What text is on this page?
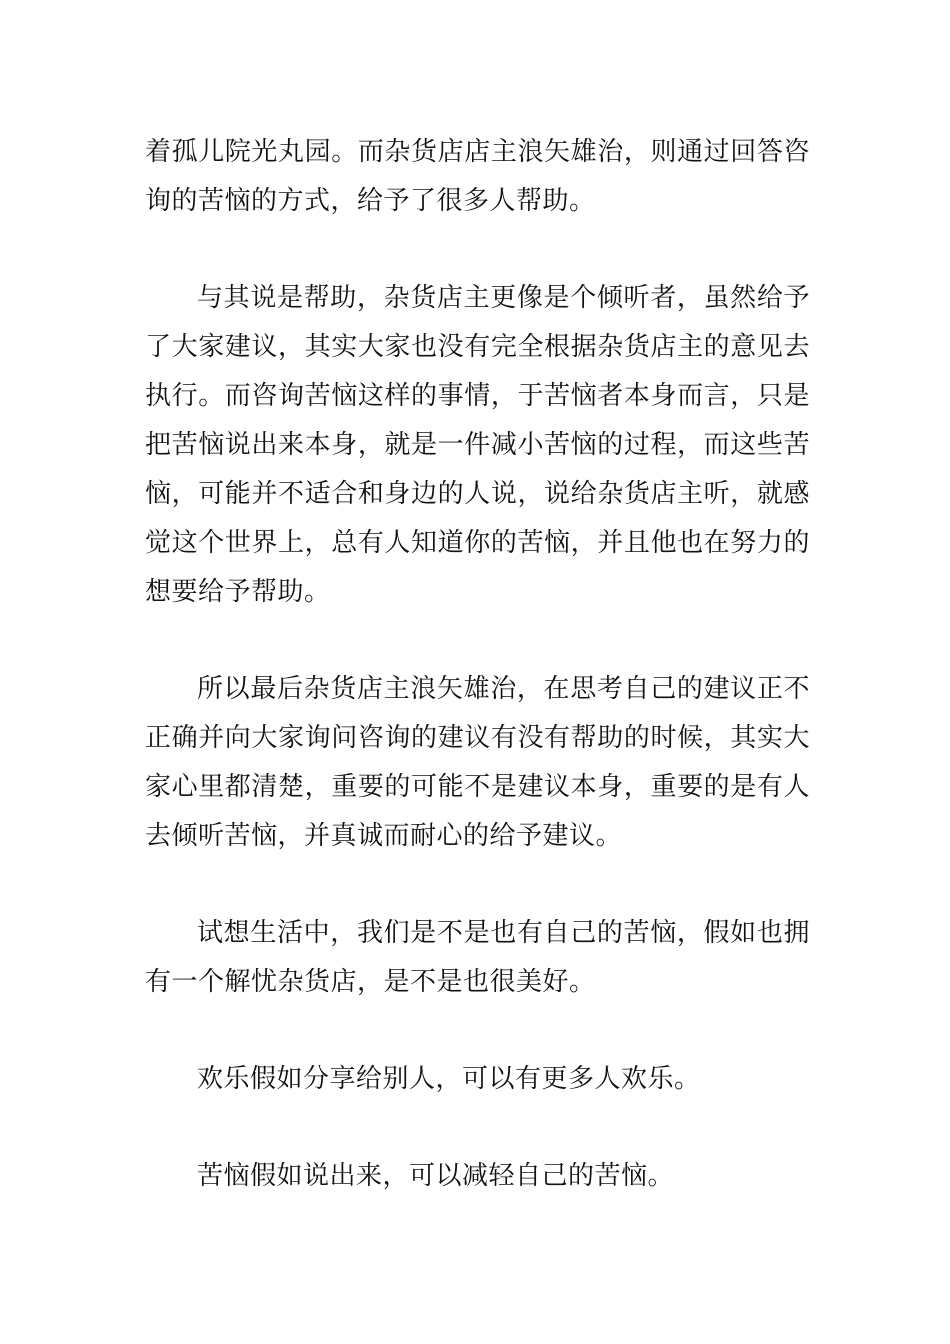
着孤儿院光丸园。而杂货店店主浪矢雄治，则通过回答咨询的苦恼的方式，给予了很多人帮助。

与其说是帮助，杂货店主更像是个倾听者，虽然给予了大家建议，其实大家也没有完全根据杂货店主的意见去执行。而咨询苦恼这样的事情，于苦恼者本身而言，只是把苦恼说出来本身，就是一件减小苦恼的过程，而这些苦恼，可能并不适合和身边的人说，说给杂货店主听，就感觉这个世界上，总有人知道你的苦恼，并且他也在努力的想要给予帮助。

所以最后杂货店主浪矢雄治，在思考自己的建议正不正确并向大家询问咨询的建议有没有帮助的时候，其实大家心里都清楚，重要的可能不是建议本身，重要的是有人去倾听苦恼，并真诚而耐心的给予建议。

试想生活中，我们是不是也有自己的苦恼，假如也拥有一个解忧杂货店，是不是也很美好。

欢乐假如分享给别人，可以有更多人欢乐。

苦恼假如说出来，可以减轻自己的苦恼。
